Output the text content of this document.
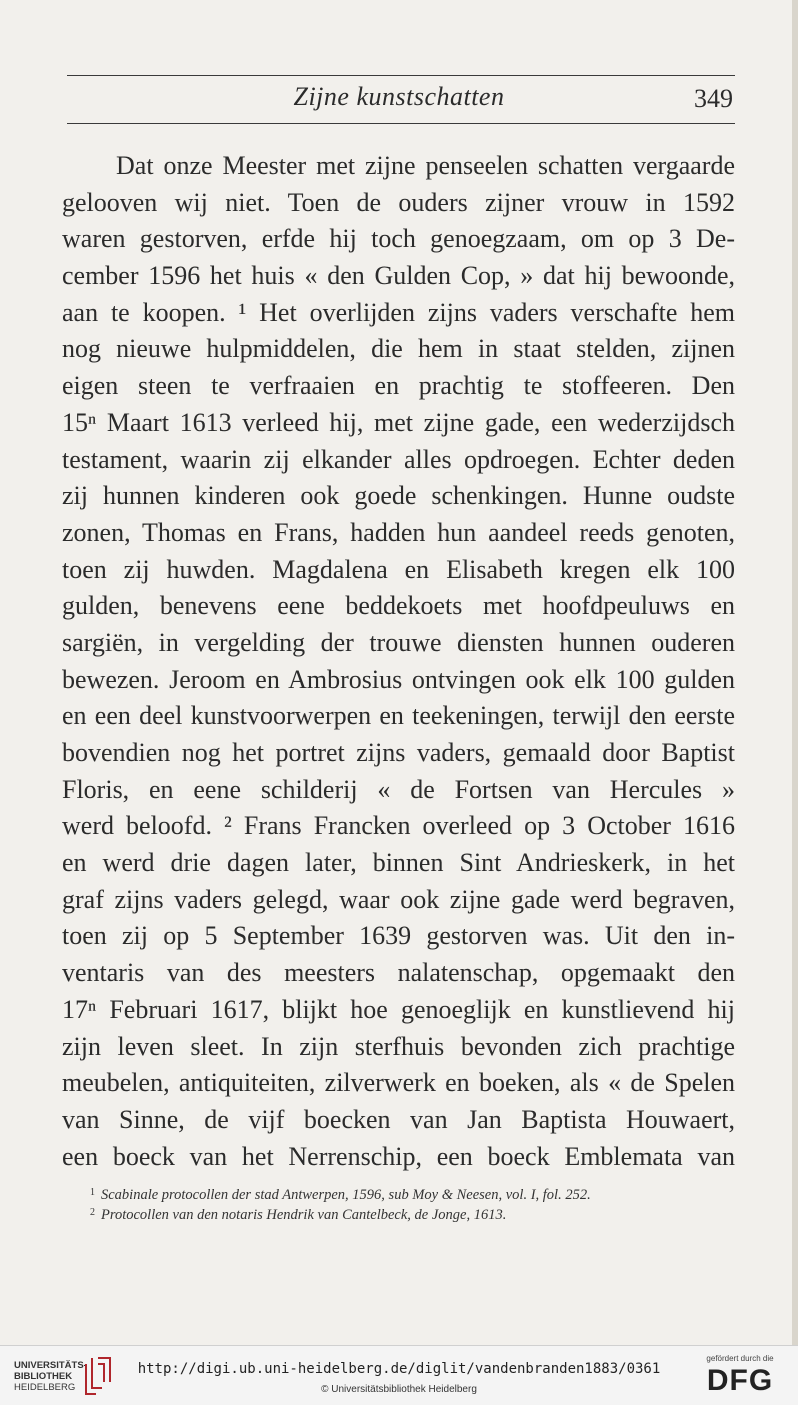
Zijne kunstschatten	349
Dat onze Meester met zijne penseelen schatten vergaarde
gelooven wij niet. Toen de ouders zijner vrouw in 1592
waren gestorven, erfde hij toch genoegzaam, om op 3 De-
cember 1596 het huis « den Gulden Cop, » dat hij bewoonde,
aan te koopen. ¹ Het overlijden zijns vaders verschafte hem
nog nieuwe hulpmiddelen, die hem in staat stelden, zijnen
eigen steen te verfraaien en prachtig te stoffeeren. Den
15ⁿ Maart 1613 verleed hij, met zijne gade, een wederzijdsch
testament, waarin zij elkander alles opdroegen. Echter deden
zij hunnen kinderen ook goede schenkingen. Hunne oudste
zonen, Thomas en Frans, hadden hun aandeel reeds genoten,
toen zij huwden. Magdalena en Elisabeth kregen elk 100
gulden, benevens eene beddekoets met hoofdpeuluws en
sargiën, in vergelding der trouwe diensten hunnen ouderen
bewezen. Jeroom en Ambrosius ontvingen ook elk 100 gulden
en een deel kunstvoorwerpen en teekeningen, terwijl den eerste
bovendien nog het portret zijns vaders, gemaald door Baptist
Floris, en eene schilderij « de Fortsen van Hercules »
werd beloofd. ² Frans Francken overleed op 3 October 1616
en werd drie dagen later, binnen Sint Andrieskerk, in het
graf zijns vaders gelegd, waar ook zijne gade werd begraven,
toen zij op 5 September 1639 gestorven was. Uit den in-
ventaris van des meesters nalatenschap, opgemaakt den
17ⁿ Februari 1617, blijkt hoe genoeglijk en kunstlievend hij
zijn leven sleet. In zijn sterfhuis bevonden zich prachtige
meubelen, antiquiteiten, zilverwerk en boeken, als « de Spelen
van Sinne, de vijf boecken van Jan Baptista Houwaert,
een boeck van het Nerrenschip, een boeck Emblemata van
$^1$ Scabinale protocollen der stad Antwerpen, 1596, sub Moy & Neesen, vol. I, fol. 252.
$^2$ Protocollen van den notaris Hendrik van Cantelbeck, de Jonge, 1613.
UNIVERSITÄTS-
BIBLIOTHEK
HEIDELBERG
http://digi.ub.uni-heidelberg.de/diglit/vandenbranden1883/0361
© Universitätsbibliothek Heidelberg
gefördert durch die
DFG
